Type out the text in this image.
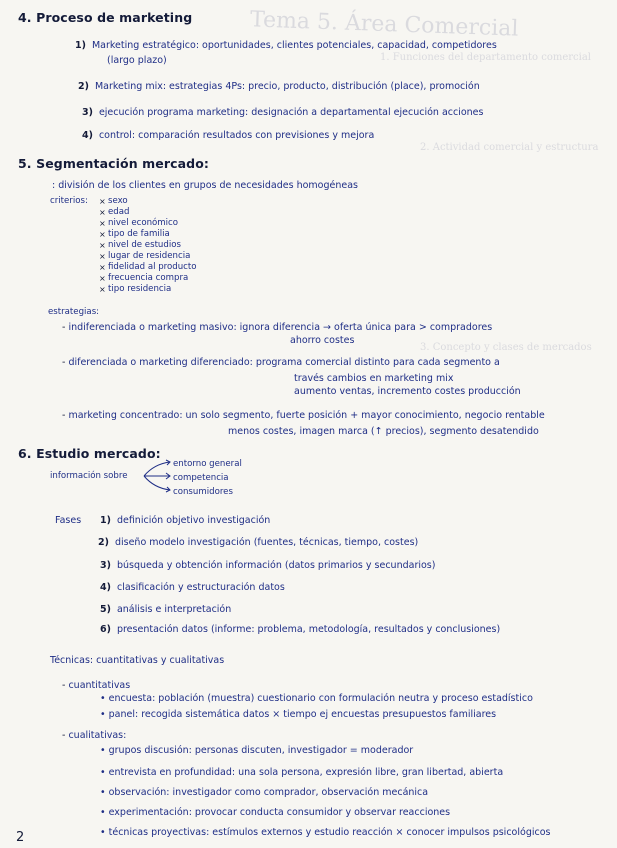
Tema 5. Área Comercial
1. Funciones del departamento comercial
2. Actividad comercial y estructura
3. Concepto y clases de mercados
4. Proceso de marketing
1) Marketing estratégico: oportunidades, clientes potenciales, capacidad, competidores
(largo plazo)
2) Marketing mix: estrategias 4Ps: precio, producto, distribución (place), promoción
3) ejecución programa marketing: designación a departamental ejecución acciones
4) control: comparación resultados con previsiones y mejora
5. Segmentación mercado:
: división de los clientes en grupos de necesidades homogéneas
criterios: × sexo
× edad
× nivel económico
× tipo de familia
× nivel de estudios
× lugar de residencia
× fidelidad al producto
× frecuencia compra
× tipo residencia
estrategias:
- indiferenciada o marketing masivo: ignora diferencia → oferta única para > compradores
ahorro costes
- diferenciada o marketing diferenciado: programa comercial distinto para cada segmento a
través cambios en marketing mix
aumento ventas, incremento costes producción
- marketing concentrado: un solo segmento, fuerte posición + mayor conocimiento, negocio rentable
menos costes, imagen marca (↑ precios), segmento desatendido
6. Estudio mercado:
información sobre
entorno general
competencia
consumidores
Fases 1) definición objetivo investigación
2) diseño modelo investigación (fuentes, técnicas, tiempo, costes)
3) búsqueda y obtención información (datos primarios y secundarios)
4) clasificación y estructuración datos
5) análisis e interpretación
6) presentación datos (informe: problema, metodología, resultados y conclusiones)
Técnicas: cuantitativas y cualitativas
- cuantitativas
• encuesta: población (muestra) cuestionario con formulación neutra y proceso estadístico
• panel: recogida sistemática datos × tiempo ej encuestas presupuestos familiares
- cualitativas:
• grupos discusión: personas discuten, investigador = moderador
• entrevista en profundidad: una sola persona, expresión libre, gran libertad, abierta
• observación: investigador como comprador, observación mecánica
• experimentación: provocar conducta consumidor y observar reacciones
• técnicas proyectivas: estímulos externos y estudio reacción × conocer impulsos psicológicos
2
